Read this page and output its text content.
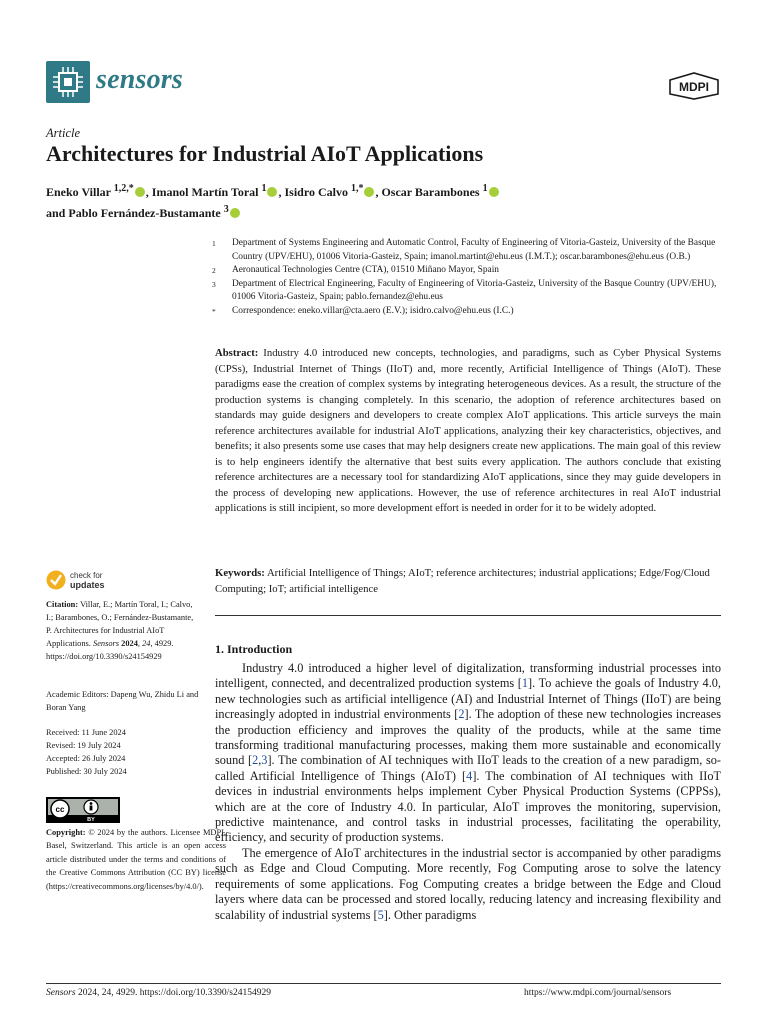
sensors	MDPI
Article
Architectures for Industrial AIoT Applications
Eneko Villar $^{1,2,*}$ , Imanol Martín Toral $^1$ , Isidro Calvo $^{1,*}$ , Oscar Barambones $^1$
and Pablo Fernández-Bustamante $^3$
1	Department of Systems Engineering and Automatic Control, Faculty of Engineering of Vitoria-Gasteiz, University of the Basque Country (UPV/EHU), 01006 Vitoria-Gasteiz, Spain; imanol.martint@ehu.eus (I.M.T.); oscar.barambones@ehu.eus (O.B.)
2	Aeronautical Technologies Centre (CTA), 01510 Miñano Mayor, Spain
3	Department of Electrical Engineering, Faculty of Engineering of Vitoria-Gasteiz, University of the Basque Country (UPV/EHU), 01006 Vitoria-Gasteiz, Spain; pablo.fernandez@ehu.eus
*	Correspondence: eneko.villar@cta.aero (E.V.); isidro.calvo@ehu.eus (I.C.)

Abstract: Industry 4.0 introduced new concepts, technologies, and paradigms, such as Cyber Physical Systems (CPSs), Industrial Internet of Things (IIoT) and, more recently, Artificial Intelligence of Things (AIoT). These paradigms ease the creation of complex systems by integrating heterogeneous devices. As a result, the structure of the production systems is changing completely. In this scenario, the adoption of reference architectures based on standards may guide designers and developers to create complex AIoT applications. This article surveys the main reference architectures available for industrial AIoT applications, analyzing their key characteristics, objectives, and benefits; it also presents some use cases that may help designers create new applications. The main goal of this review is to help engineers identify the alternative that best suits every application. The authors conclude that existing reference architectures are a necessary tool for standardizing AIoT applications, since they may guide developers in the process of developing new applications. However, the use of reference architectures in real AIoT industrial applications is still incipient, so more development effort is needed in order for it to be widely adopted.

Keywords: Artificial Intelligence of Things; AIoT; reference architectures; industrial applications; Edge/Fog/Cloud Computing; IoT; artificial intelligence

check for
updates
Citation: Villar, E.; Martín Toral, I.; Calvo, I.; Barambones, O.; Fernández-Bustamante, P. Architectures for Industrial AIoT Applications. Sensors 2024, 24, 4929. https://doi.org/10.3390/s24154929
Academic Editors: Dapeng Wu, Zhidu Li and Boran Yang
Received: 11 June 2024
Revised: 19 July 2024
Accepted: 26 July 2024
Published: 30 July 2024
cc
BY
Copyright: © 2024 by the authors. Licensee MDPI, Basel, Switzerland. This article is an open access article distributed under the terms and conditions of the Creative Commons Attribution (CC BY) license (https://creativecommons.org/licenses/by/4.0/).
1. Introduction

Industry 4.0 introduced a higher level of digitalization, transforming industrial processes into intelligent, connected, and decentralized production systems [1]. To achieve the goals of Industry 4.0, new technologies such as artificial intelligence (AI) and Industrial Internet of Things (IIoT) are being increasingly adopted in industrial environments [2]. The adoption of these new technologies increases the production efficiency and improves the quality of the products, while at the same time transforming traditional manufacturing processes, making them more sustainable and economically sound [2,3]. The combination of AI techniques with IIoT leads to the creation of a new paradigm, so-called Artificial Intelligence of Things (AIoT) [4]. The combination of AI techniques with IIoT devices in industrial environments helps implement Cyber Physical Production Systems (CPPSs), which are at the core of Industry 4.0. In particular, AIoT improves the monitoring, supervision, predictive maintenance, and control tasks in industrial processes, facilitating the operability, efficiency, and security of production systems.

The emergence of AIoT architectures in the industrial sector is accompanied by other paradigms such as Edge and Cloud Computing. More recently, Fog Computing arose to solve the latency requirements of some applications. Fog Computing creates a bridge between the Edge and Cloud layers where data can be processed and stored locally, reducing latency and increasing flexibility and scalability of industrial systems [5]. Other paradigms

Sensors 2024, 24, 4929. https://doi.org/10.3390/s24154929	https://www.mdpi.com/journal/sensors
